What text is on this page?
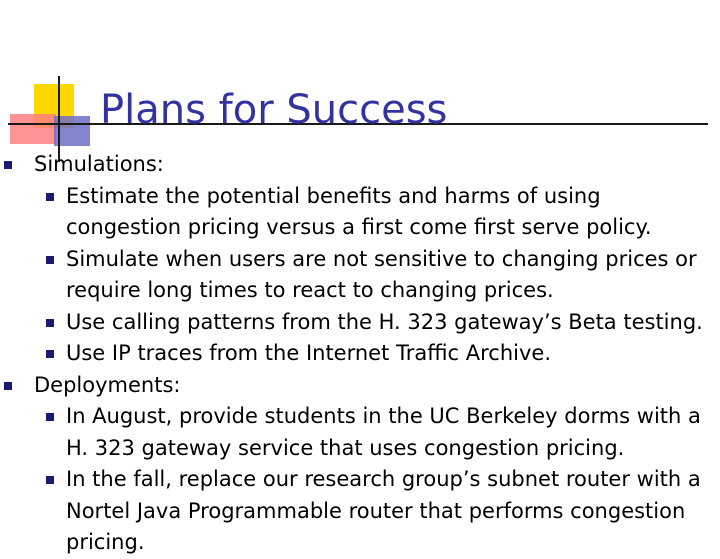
Plans for Success
Simulations:
Estimate the potential benefits and harms of using
congestion pricing versus a first come first serve policy.
Simulate when users are not sensitive to changing prices or
require long times to react to changing prices.
Use calling patterns from the H. 323 gateway’s Beta testing.
Use IP traces from the Internet Traffic Archive.
Deployments:
In August, provide students in the UC Berkeley dorms with a
H. 323 gateway service that uses congestion pricing.
In the fall, replace our research group’s subnet router with a
Nortel Java Programmable router that performs congestion
pricing.
